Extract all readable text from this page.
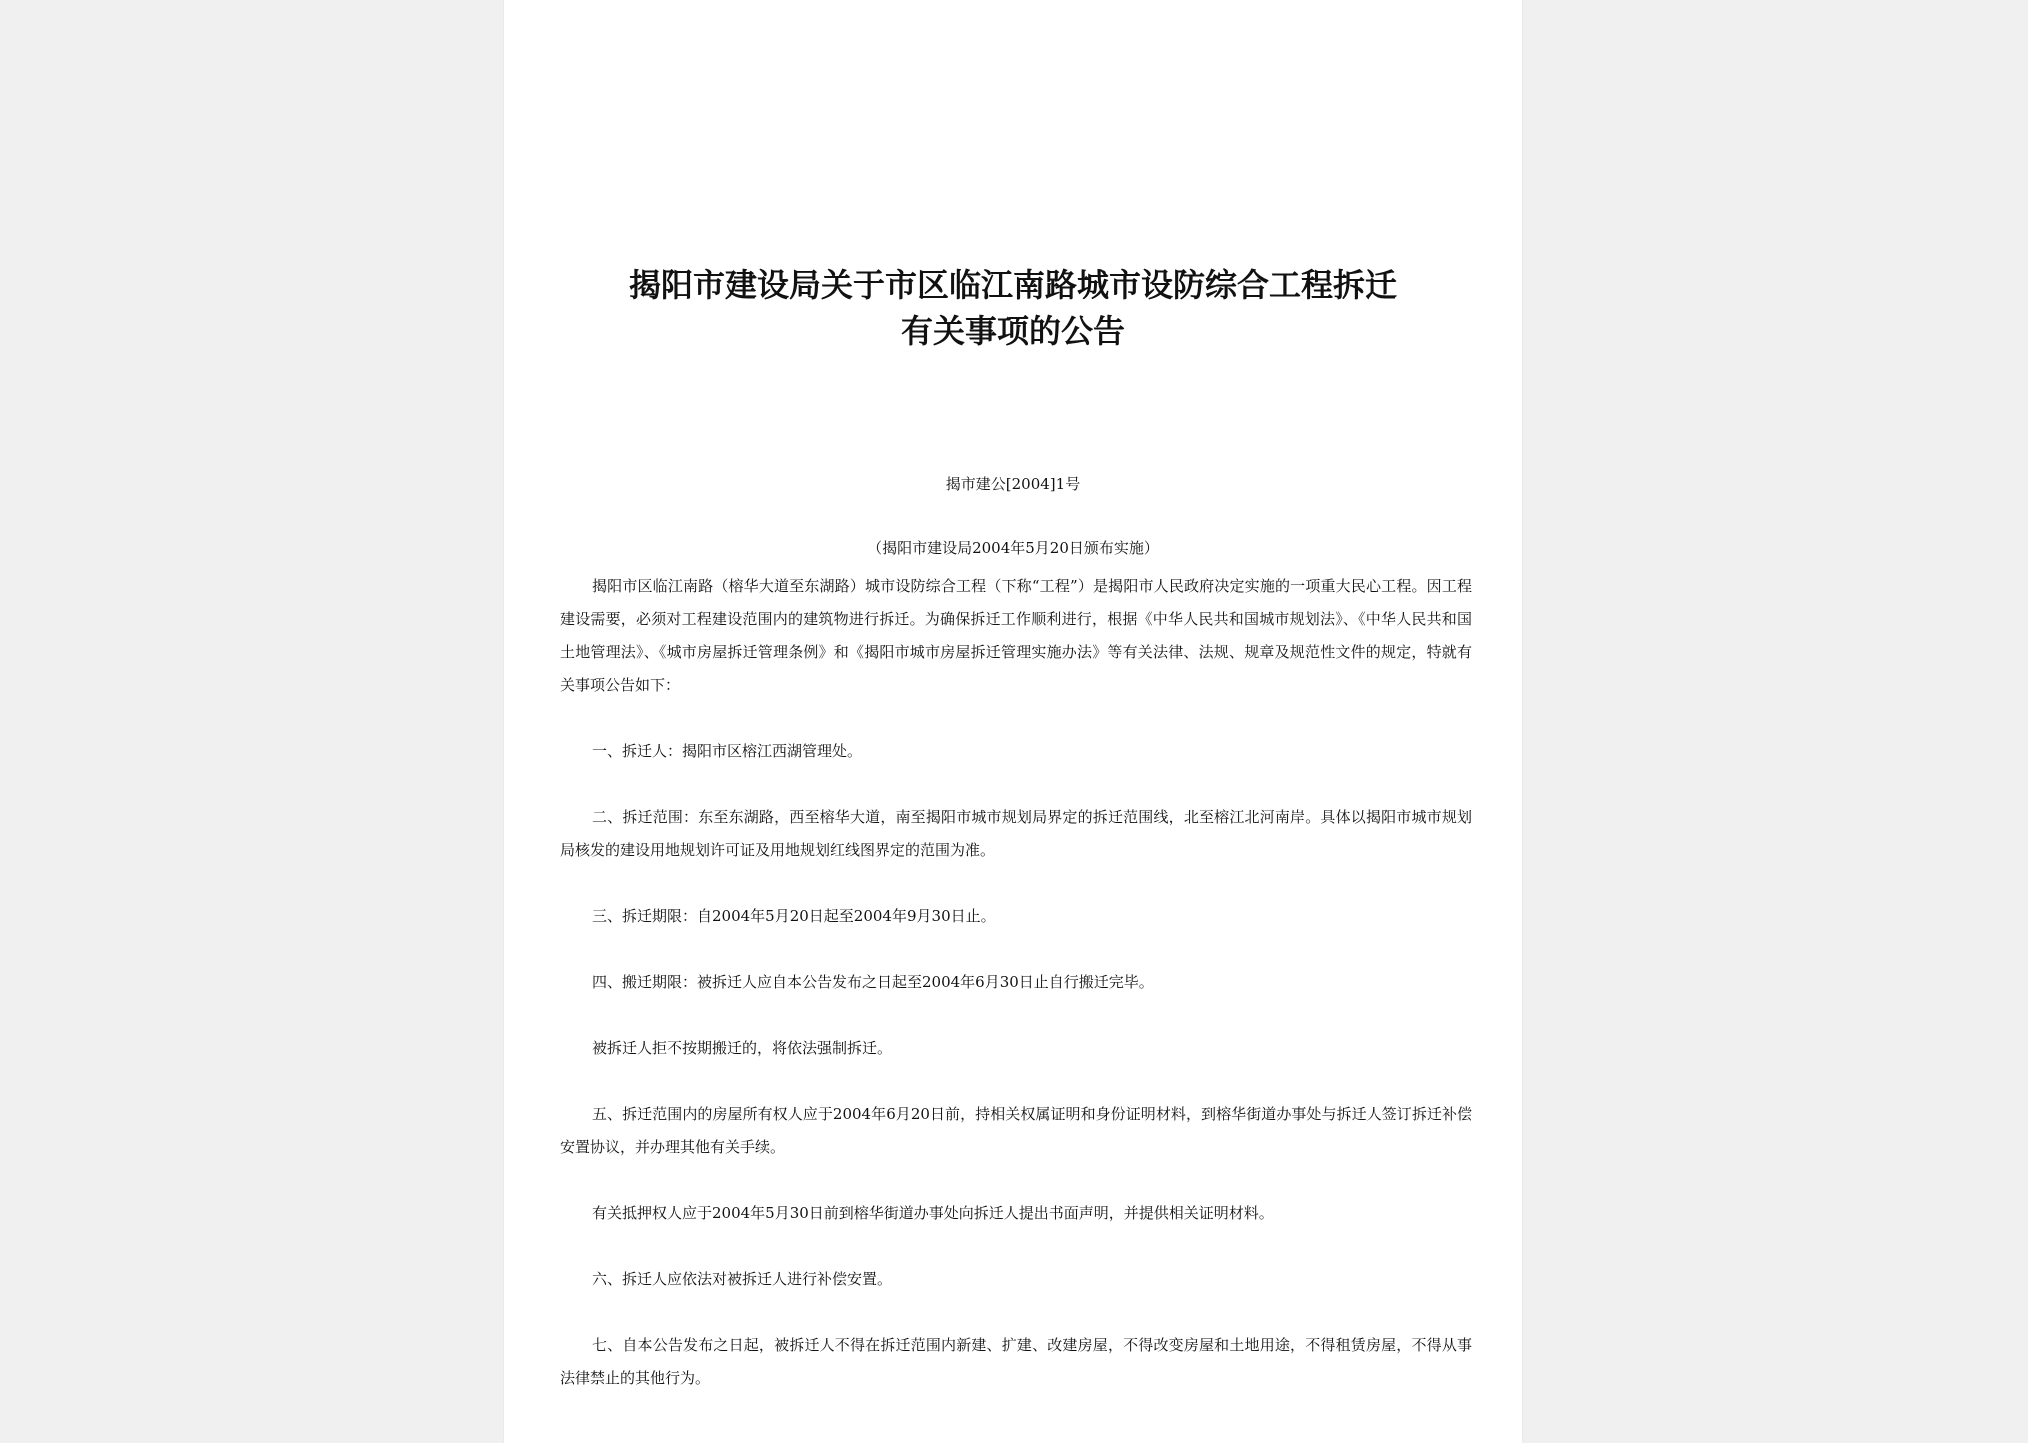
揭阳市建设局关于市区临江南路城市设防综合工程拆迁
有关事项的公告
揭市建公[2004]1号
（揭阳市建设局2004年5月20日颁布实施）

揭阳市区临江南路（榕华大道至东湖路）城市设防综合工程（下称“工程”）是揭阳市人民政府决定实施的一项重大民心工程。因工程建设需要，必须对工程建设范围内的建筑物进行拆迁。为确保拆迁工作顺利进行，根据《中华人民共和国城市规划法》、《中华人民共和国土地管理法》、《城市房屋拆迁管理条例》和《揭阳市城市房屋拆迁管理实施办法》等有关法律、法规、规章及规范性文件的规定，特就有关事项公告如下：

一、拆迁人：揭阳市区榕江西湖管理处。

二、拆迁范围：东至东湖路，西至榕华大道，南至揭阳市城市规划局界定的拆迁范围线，北至榕江北河南岸。具体以揭阳市城市规划局核发的建设用地规划许可证及用地规划红线图界定的范围为准。

三、拆迁期限：自2004年5月20日起至2004年9月30日止。

四、搬迁期限：被拆迁人应自本公告发布之日起至2004年6月30日止自行搬迁完毕。

被拆迁人拒不按期搬迁的，将依法强制拆迁。

五、拆迁范围内的房屋所有权人应于2004年6月20日前，持相关权属证明和身份证明材料，到榕华街道办事处与拆迁人签订拆迁补偿安置协议，并办理其他有关手续。

有关抵押权人应于2004年5月30日前到榕华街道办事处向拆迁人提出书面声明，并提供相关证明材料。

六、拆迁人应依法对被拆迁人进行补偿安置。

七、自本公告发布之日起，被拆迁人不得在拆迁范围内新建、扩建、改建房屋，不得改变房屋和土地用途，不得租赁房屋，不得从事法律禁止的其他行为。
